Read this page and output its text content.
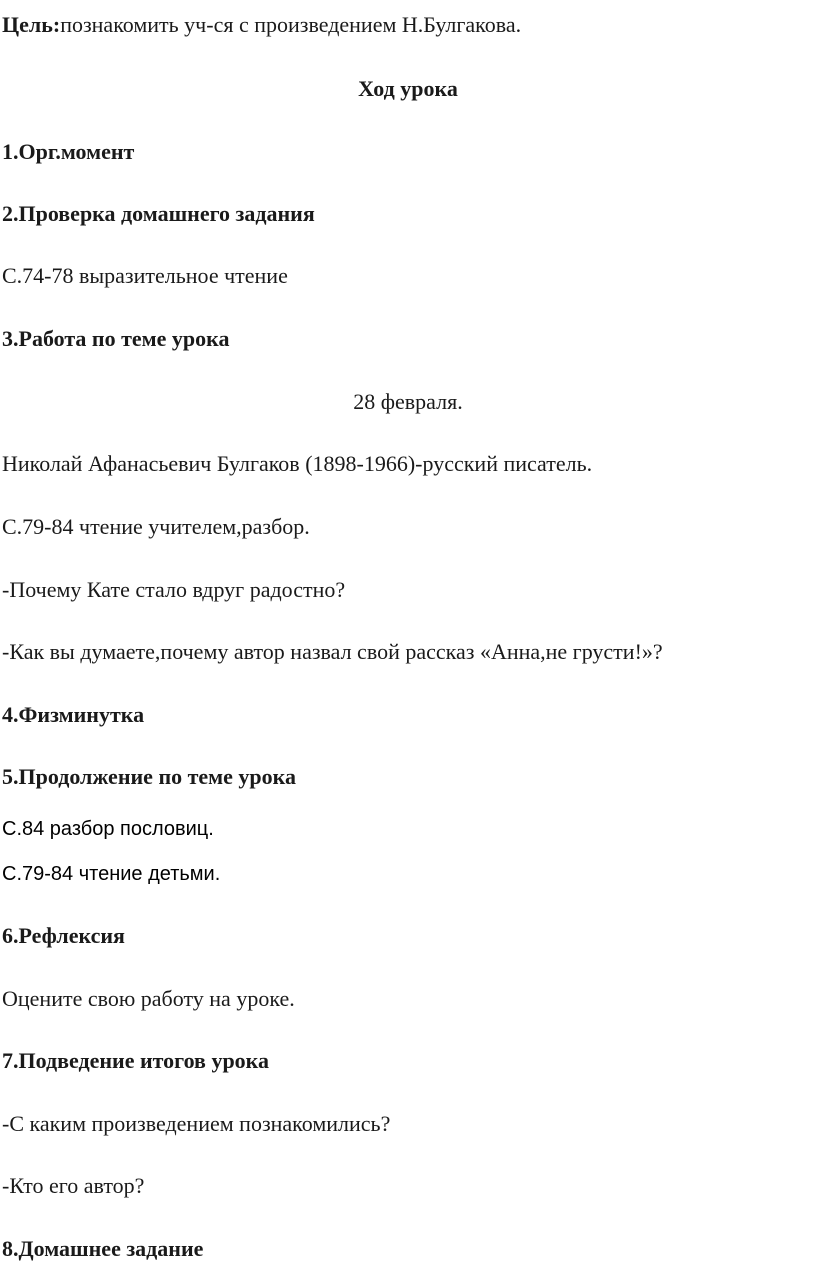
Цель:познакомить уч-ся с произведением Н.Булгакова.
Ход урока
1.Орг.момент
2.Проверка домашнего задания
С.74-78 выразительное чтение
3.Работа по теме урока
28 февраля.
Николай Афанасьевич Булгаков (1898-1966)-русский писатель.
С.79-84 чтение учителем,разбор.
-Почему Кате стало вдруг радостно?
-Как вы думаете,почему автор назвал свой рассказ «Анна,не грусти!»?
4.Физминутка
5.Продолжение по теме урока
С.84 разбор пословиц.
С.79-84 чтение детьми.
6.Рефлексия
Оцените свою работу на уроке.
7.Подведение итогов урока
-С каким произведением познакомились?
-Кто его автор?
8.Домашнее задание
